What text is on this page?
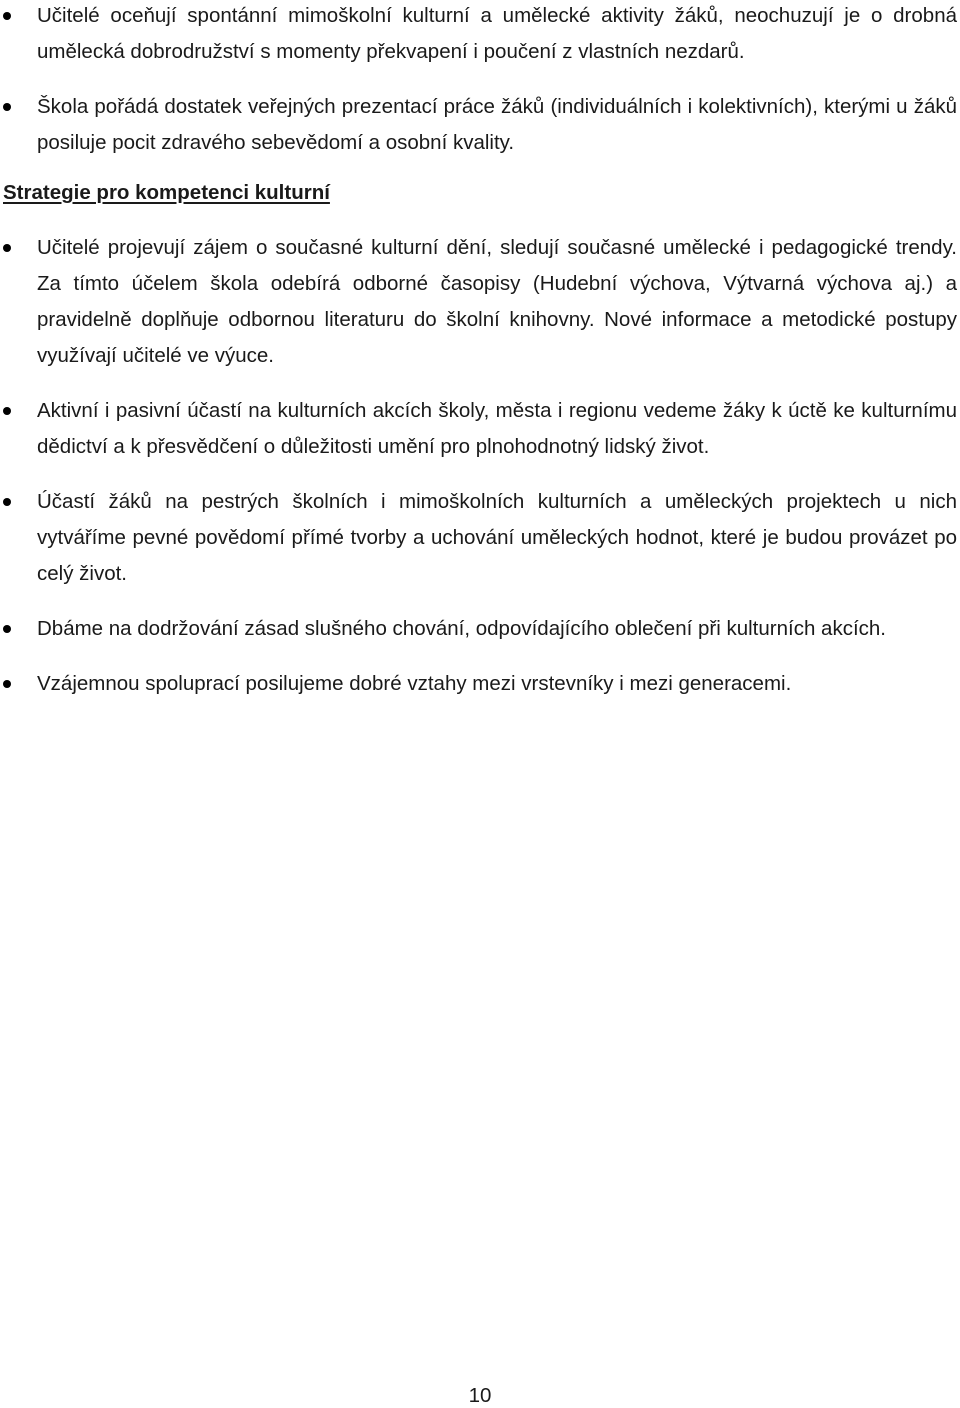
Učitelé oceňují spontánní mimoškolní kulturní a umělecké aktivity žáků, neochuzují je o drobná umělecká dobrodružství s momenty překvapení i poučení z vlastních nezdarů.
Škola pořádá dostatek veřejných prezentací práce žáků (individuálních i kolektivních), kterými u žáků posiluje pocit zdravého sebevědomí a osobní kvality.
Strategie pro kompetenci kulturní
Učitelé projevují zájem o současné kulturní dění, sledují současné umělecké i pedagogické trendy. Za tímto účelem škola odebírá odborné časopisy (Hudební výchova, Výtvarná výchova aj.) a pravidelně doplňuje odbornou literaturu do školní knihovny. Nové informace a metodické postupy využívají učitelé ve výuce.
Aktivní i pasivní účastí na kulturních akcích školy, města i regionu vedeme žáky k úctě ke kulturnímu dědictví a k přesvědčení o důležitosti umění pro plnohodnotný lidský život.
Účastí žáků na pestrých školních i mimoškolních kulturních a uměleckých projektech u nich vytváříme pevné povědomí přímé tvorby a uchování uměleckých hodnot, které je budou provázet po celý život.
Dbáme na dodržování zásad slušného chování, odpovídajícího oblečení při kulturních akcích.
Vzájemnou spoluprací posilujeme dobré vztahy mezi vrstevníky i mezi generacemi.
10
